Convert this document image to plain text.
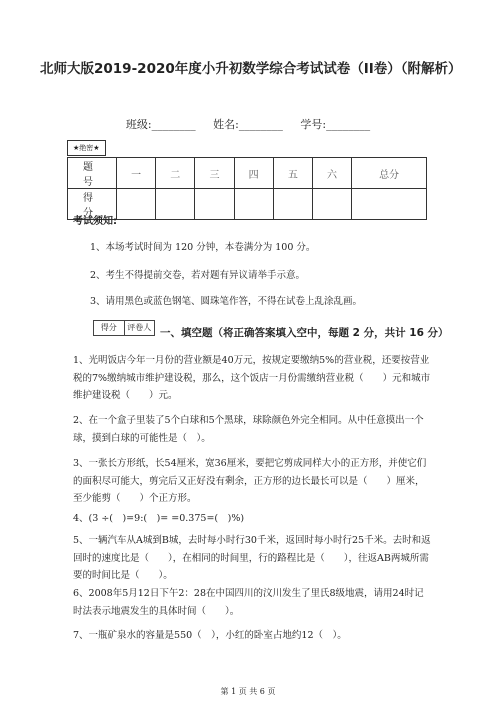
北师大版2019-2020年度小升初数学综合考试试卷（II卷）（附解析）
班级:________ 姓名:________ 学号:________
★绝密★
题　号	一	二	三	四	五	六	总分
得　分							
考试须知:
1、本场考试时间为 120 分钟，本卷满分为 100 分。
2、考生不得提前交卷，若对题有异议请举手示意。
3、请用黑色或蓝色钢笔、圆珠笔作答，不得在试卷上乱涂乱画。
得分	评卷人 一、填空题（将正确答案填入空中，每题 2 分，共计 16 分）
1、光明饭店今年一月份的营业额是40万元，按规定要缴纳5%的营业税，还要按营业税的7%缴纳城市维护建设税，那么，这个饭店一月份需缴纳营业税（　　）元和城市维护建设税（　　）元。
2、在一个盒子里装了5个白球和5个黑球，球除颜色外完全相同。从中任意摸出一个球，摸到白球的可能性是（　）。
3、一张长方形纸，长54厘米，宽36厘米，要把它剪成同样大小的正方形，并使它们的面积尽可能大，剪完后又正好没有剩余，正方形的边长最长可以是（　　）厘米，至少能剪（　　）个正方形。
4、(3 ÷(　)=9:(　)= =0.375=(　)%)
5、一辆汽车从A城到B城，去时每小时行30千米，返回时每小时行25千米。去时和返回时的速度比是（　　），在相同的时间里，行的路程比是（　　），往返AB两城所需要的时间比是（　　）。
6、2008年5月12日下午2：28在中国四川的汶川发生了里氏8级地震，请用24时记时法表示地震发生的具体时间（　　）。
7、一瓶矿泉水的容量是550（　），小红的卧室占地约12（　）。
第 1 页 共 6 页
